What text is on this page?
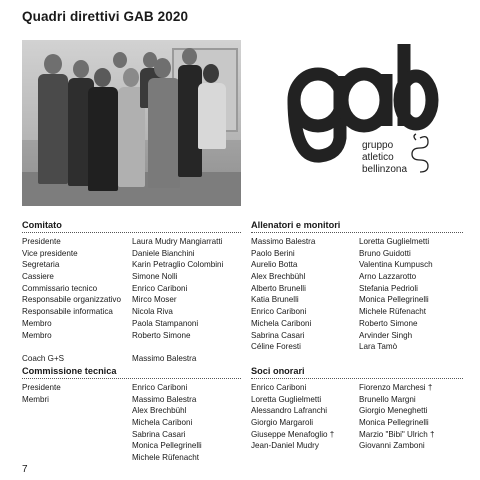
Quadri direttivi GAB 2020
gruppo
atletico
bellinzona
Comitato
Presidente
Vice presidente
Segretaria
Cassiere
Commissario tecnico
Responsabile organizzativo
Responsabile informatica
Membro
Membro
Coach G+S
Laura Mudry Mangiarratti
Daniele Bianchini
Karin Petraglio Colombini
Simone Nolli
Enrico Cariboni
Mirco Moser
Nicola Riva
Paola Stampanoni
Roberto Simone
Massimo Balestra
Allenatori e monitori
Massimo Balestra
Paolo Berini
Aurelio Botta
Alex Brechbühl
Alberto Brunelli
Katia Brunelli
Enrico Cariboni
Michela Cariboni
Sabrina Casari
Céline Foresti
Loretta Guglielmetti
Bruno Guidotti
Valentina Kumpusch
Arno Lazzarotto
Stefania Pedrioli
Monica Pellegrinelli
Michele Rüfenacht
Roberto Simone
Arvinder Singh
Lara Tamò
Commissione tecnica
Presidente
Membri
Enrico Cariboni
Massimo Balestra
Alex Brechbühl
Michela Cariboni
Sabrina Casari
Monica Pellegrinelli
Michele Rüfenacht
Soci onorari
Enrico Cariboni
Loretta Guglielmetti
Alessandro Lafranchi
Giorgio Margaroli
Giuseppe Menafoglio †
Jean-Daniel Mudry
Fiorenzo Marchesi †
Brunello Margni
Giorgio Meneghetti
Monica Pellegrinelli
Marzio "Bibi" Ulrich †
Giovanni Zamboni
7
